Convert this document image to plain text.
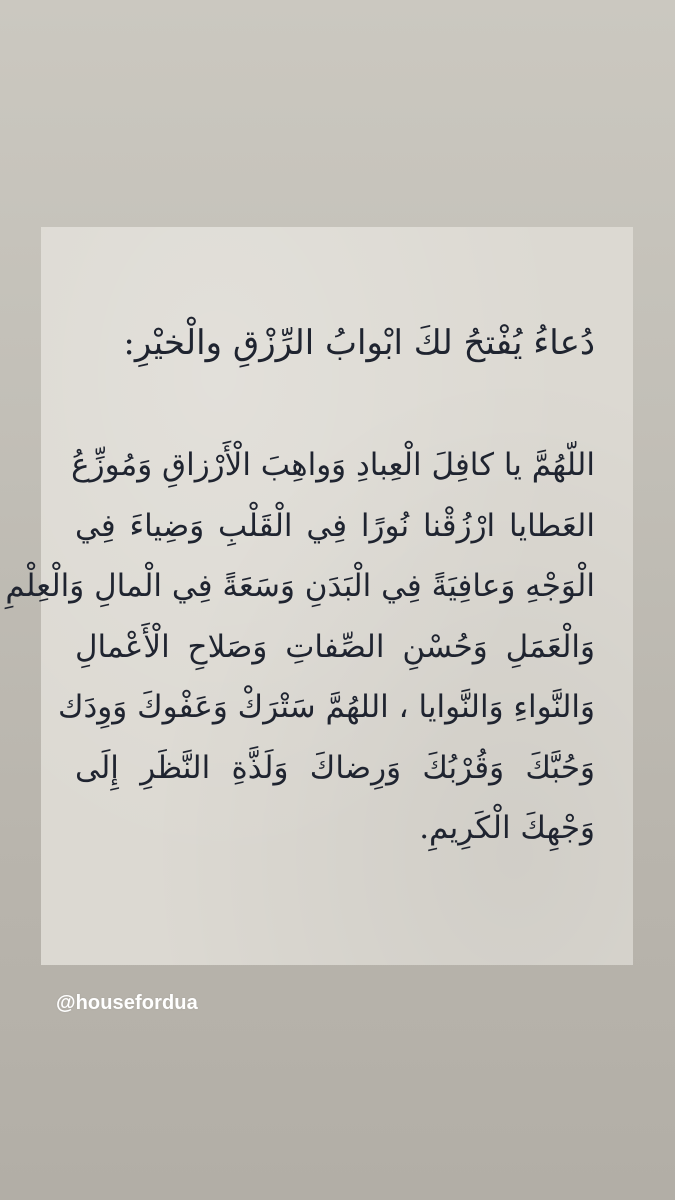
دُعاءُ يُفْتحُ لكَ ابْوابُ الرِّزْقِ والْخيْرِ:
اللّهُمَّ يا كافِلَ الْعِبادِ وَواهِبَ الْأَرْزاقِ وَمُوزِّعُ
العَطايا ارْزُقْنا نُورًا فِي الْقَلْبِ وَضِياءَ فِي
الْوَجْهِ وَعافِيَةً فِي الْبَدَنِ وَسَعَةً فِي الْمالِ وَالْعِلْمِ
وَالْعَمَلِ وَحُسْنِ الصِّفاتِ وَصَلاحِ الْأَعْمالِ
وَالنَّواءِ وَالنَّوايا ، اللهُمَّ سَتْرَكْ وَعَفْوكَ وَوِدَك
وَحُبَّكَ وَقُرْبُكَ وَرِضاكَ وَلَذَّةِ النَّظَرِ إِلَى
وَجْهِكَ الْكَرِيمِ.
@housefordua
